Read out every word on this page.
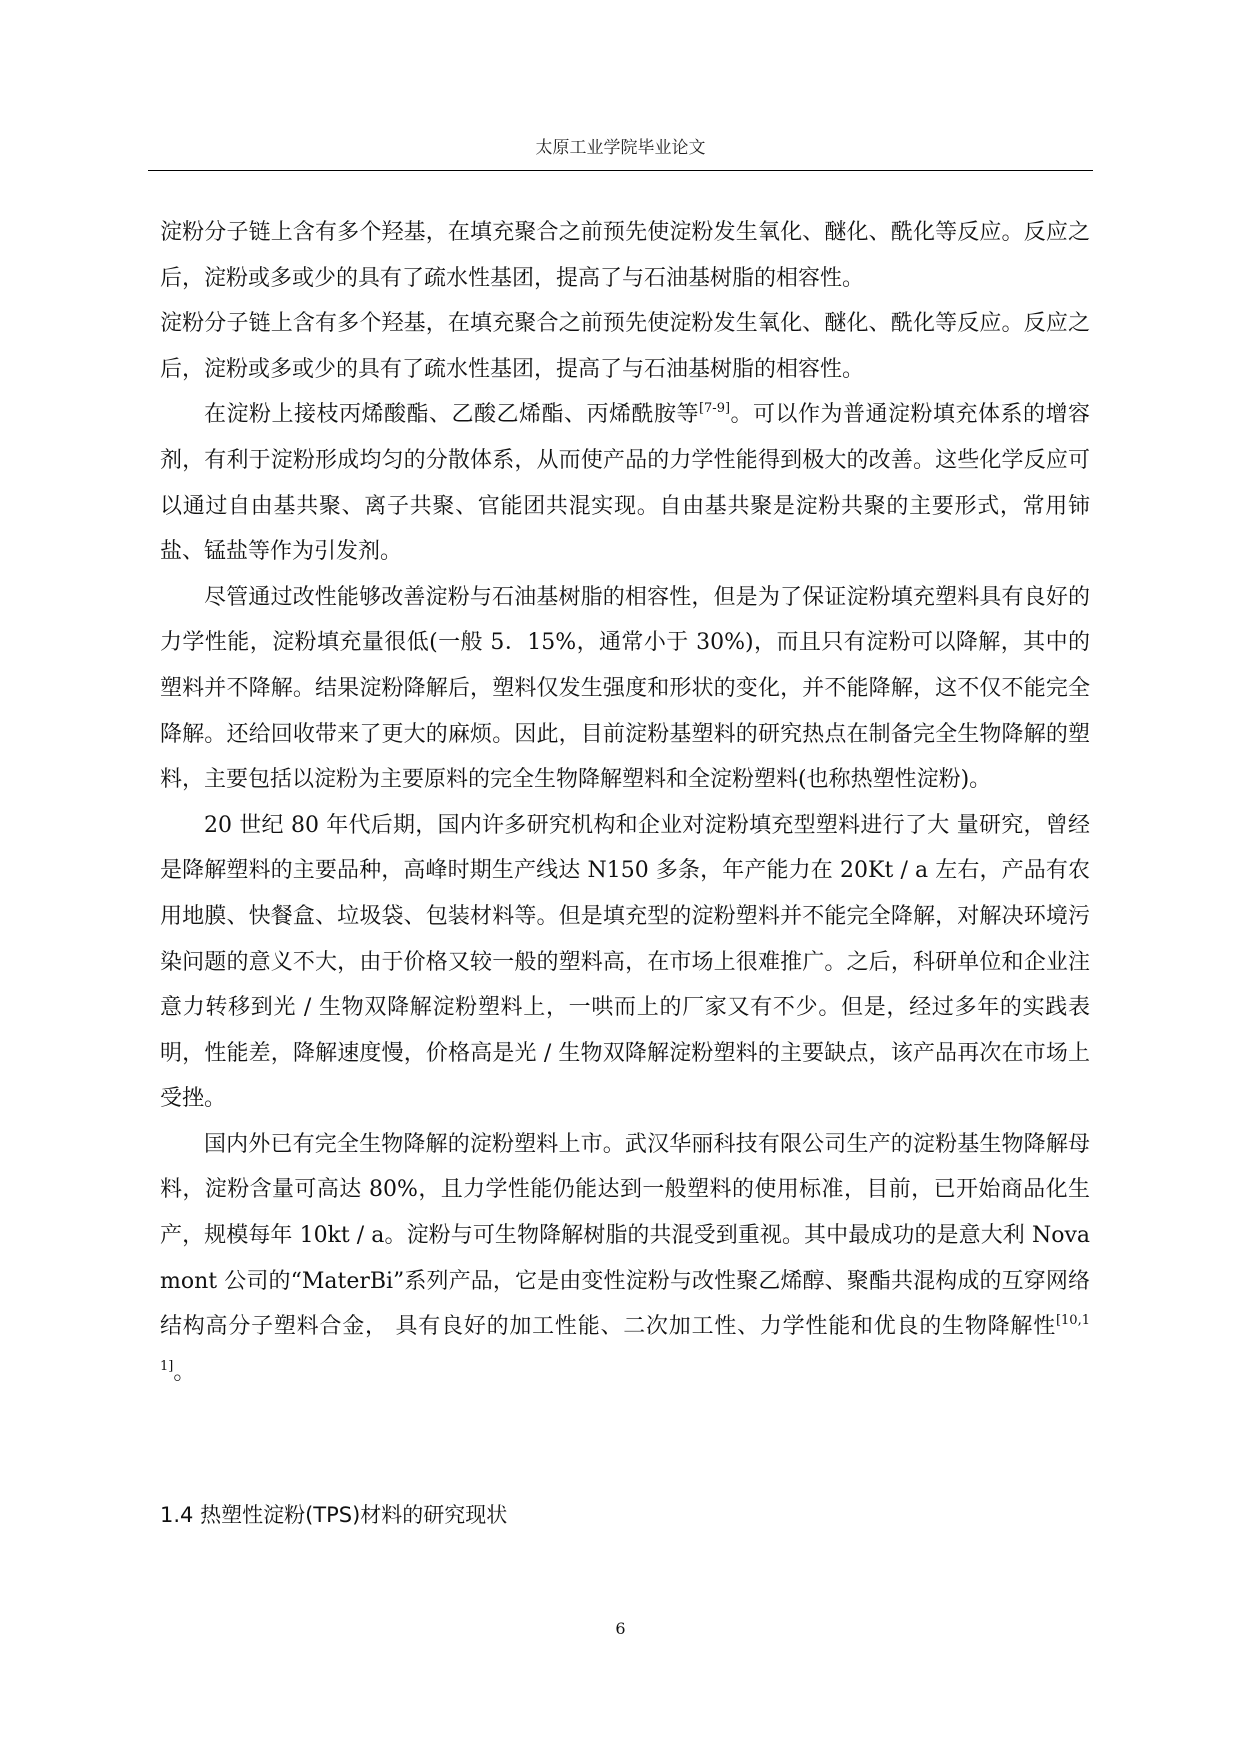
太原工业学院毕业论文

淀粉分子链上含有多个羟基，在填充聚合之前预先使淀粉发生氧化、醚化、酰化等反应。反应之后，淀粉或多或少的具有了疏水性基团，提高了与石油基树脂的相容性。

淀粉分子链上含有多个羟基，在填充聚合之前预先使淀粉发生氧化、醚化、酰化等反应。反应之后，淀粉或多或少的具有了疏水性基团，提高了与石油基树脂的相容性。

在淀粉上接枝丙烯酸酯、乙酸乙烯酯、丙烯酰胺等[7-9]。可以作为普通淀粉填充体系的增容剂，有利于淀粉形成均匀的分散体系，从而使产品的力学性能得到极大的改善。这些化学反应可以通过自由基共聚、离子共聚、官能团共混实现。自由基共聚是淀粉共聚的主要形式，常用铈盐、锰盐等作为引发剂。

尽管通过改性能够改善淀粉与石油基树脂的相容性，但是为了保证淀粉填充塑料具有良好的力学性能，淀粉填充量很低(一般 5．15%，通常小于 30%)，而且只有淀粉可以降解，其中的塑料并不降解。结果淀粉降解后，塑料仅发生强度和形状的变化，并不能降解，这不仅不能完全降解。还给回收带来了更大的麻烦。因此，目前淀粉基塑料的研究热点在制备完全生物降解的塑料，主要包括以淀粉为主要原料的完全生物降解塑料和全淀粉塑料(也称热塑性淀粉)。

20 世纪 80 年代后期，国内许多研究机构和企业对淀粉填充型塑料进行了大 量研究，曾经是降解塑料的主要品种，高峰时期生产线达 N150 多条，年产能力在 20Kt / a 左右，产品有农用地膜、快餐盒、垃圾袋、包装材料等。但是填充型的淀粉塑料并不能完全降解，对解决环境污染问题的意义不大，由于价格又较一般的塑料高，在市场上很难推广。之后，科研单位和企业注意力转移到光 / 生物双降解淀粉塑料上，一哄而上的厂家又有不少。但是，经过多年的实践表明，性能差，降解速度慢，价格高是光 / 生物双降解淀粉塑料的主要缺点，该产品再次在市场上受挫。

国内外已有完全生物降解的淀粉塑料上市。武汉华丽科技有限公司生产的淀粉基生物降解母料，淀粉含量可高达 80%，且力学性能仍能达到一般塑料的使用标准，目前，已开始商品化生产，规模每年 10kt / a。淀粉与可生物降解树脂的共混受到重视。其中最成功的是意大利 Novamont 公司的“MaterBi”系列产品，它是由变性淀粉与改性聚乙烯醇、聚酯共混构成的互穿网络结构高分子塑料合金， 具有良好的加工性能、二次加工性、力学性能和优良的生物降解性[10,11]。

1.4 热塑性淀粉(TPS)材料的研究现状
6
